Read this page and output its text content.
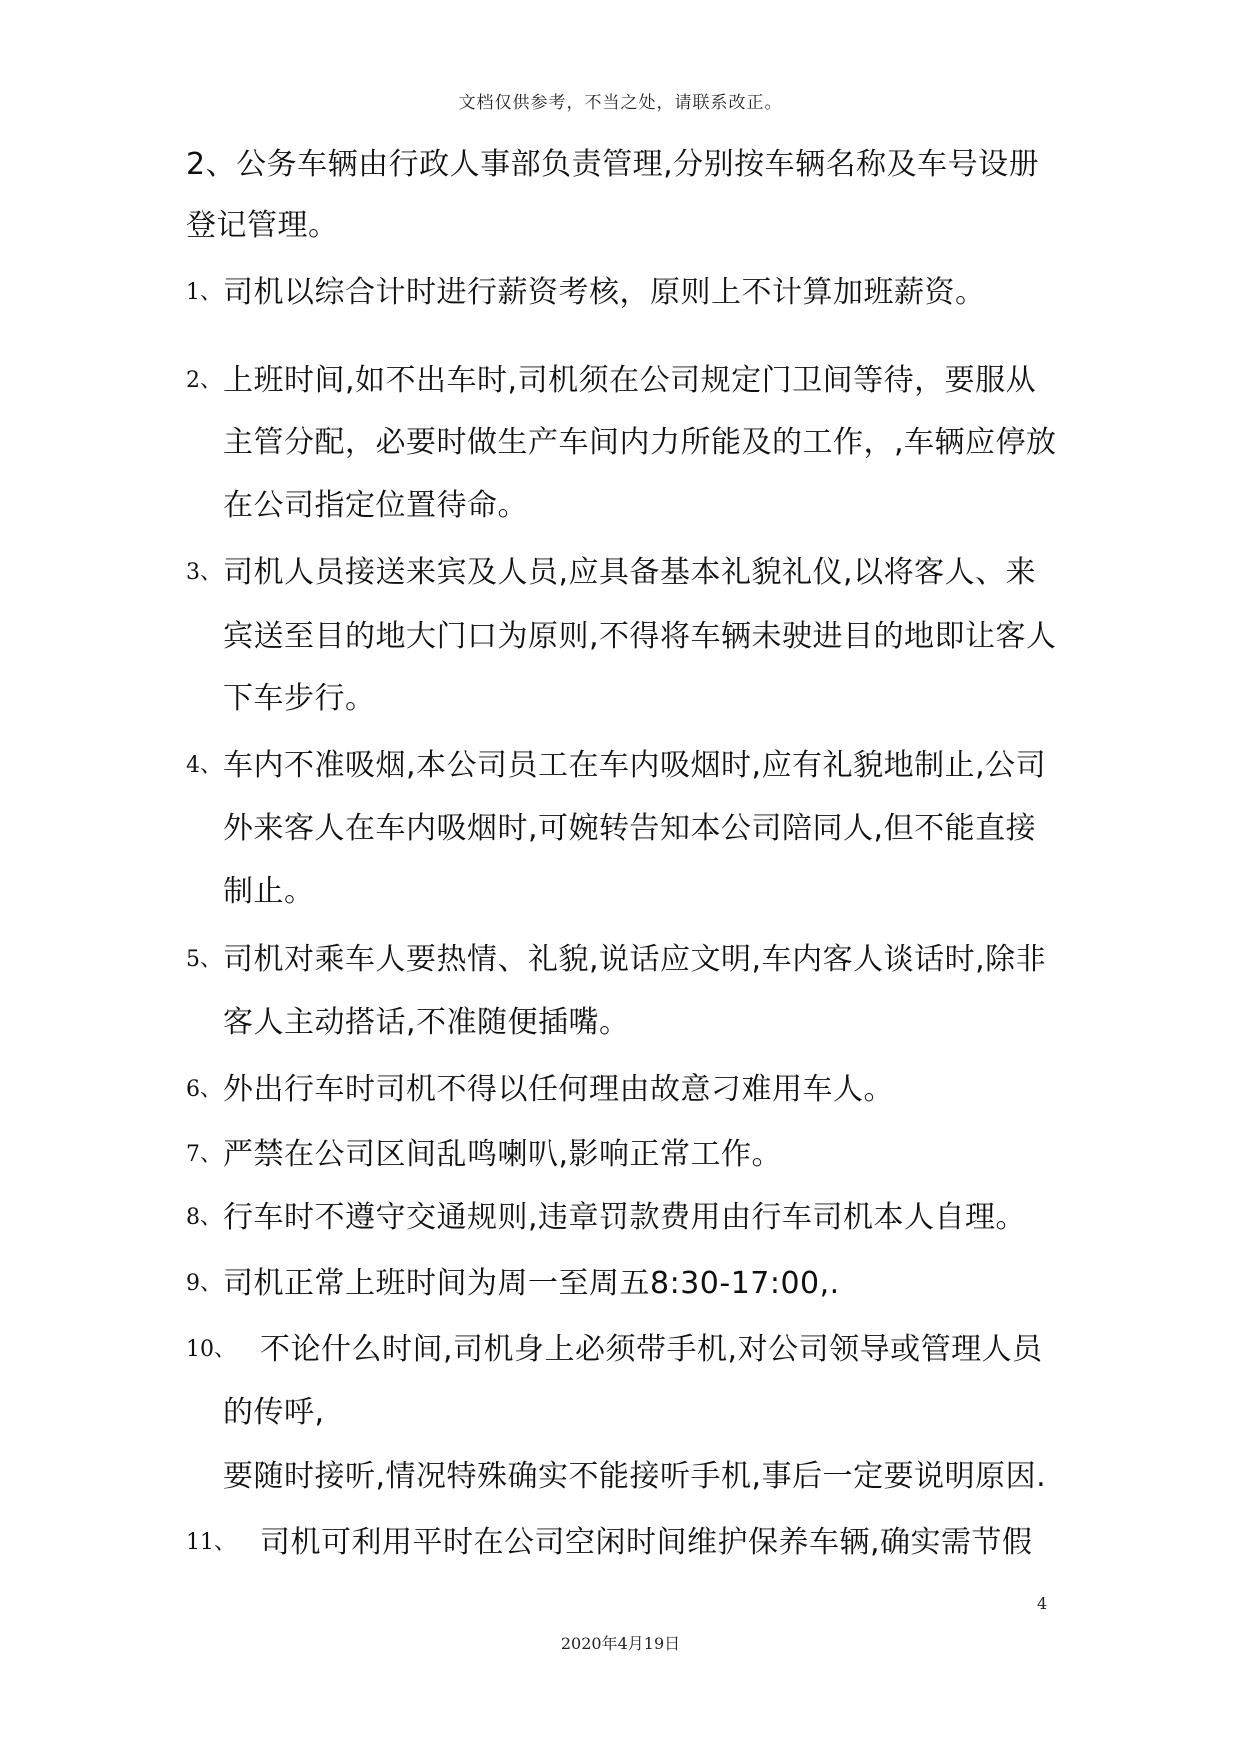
文档仅供参考，不当之处，请联系改正。
2、公务车辆由行政人事部负责管理,分别按车辆名称及车号设册
登记管理。
1、 司机以综合计时进行薪资考核，原则上不计算加班薪资。
2、 上班时间,如不出车时,司机须在公司规定门卫间等待，要服从
主管分配，必要时做生产车间内力所能及的工作，,车辆应停放
在公司指定位置待命。
3、 司机人员接送来宾及人员,应具备基本礼貌礼仪,以将客人、来
宾送至目的地大门口为原则,不得将车辆未驶进目的地即让客人
下车步行。
4、 车内不准吸烟,本公司员工在车内吸烟时,应有礼貌地制止,公司
外来客人在车内吸烟时,可婉转告知本公司陪同人,但不能直接
制止。
5、 司机对乘车人要热情、礼貌,说话应文明,车内客人谈话时,除非
客人主动搭话,不准随便插嘴。
6、 外出行车时司机不得以任何理由故意刁难用车人。
7、 严禁在公司区间乱鸣喇叭,影响正常工作。
8、 行车时不遵守交通规则,违章罚款费用由行车司机本人自理。
9、 司机正常上班时间为周一至周五8:30-17:00,.
10、 不论什么时间,司机身上必须带手机,对公司领导或管理人员
的传呼,
要随时接听,情况特殊确实不能接听手机,事后一定要说明原因.
11、 司机可利用平时在公司空闲时间维护保养车辆,确实需节假
4
2020年4月19日
